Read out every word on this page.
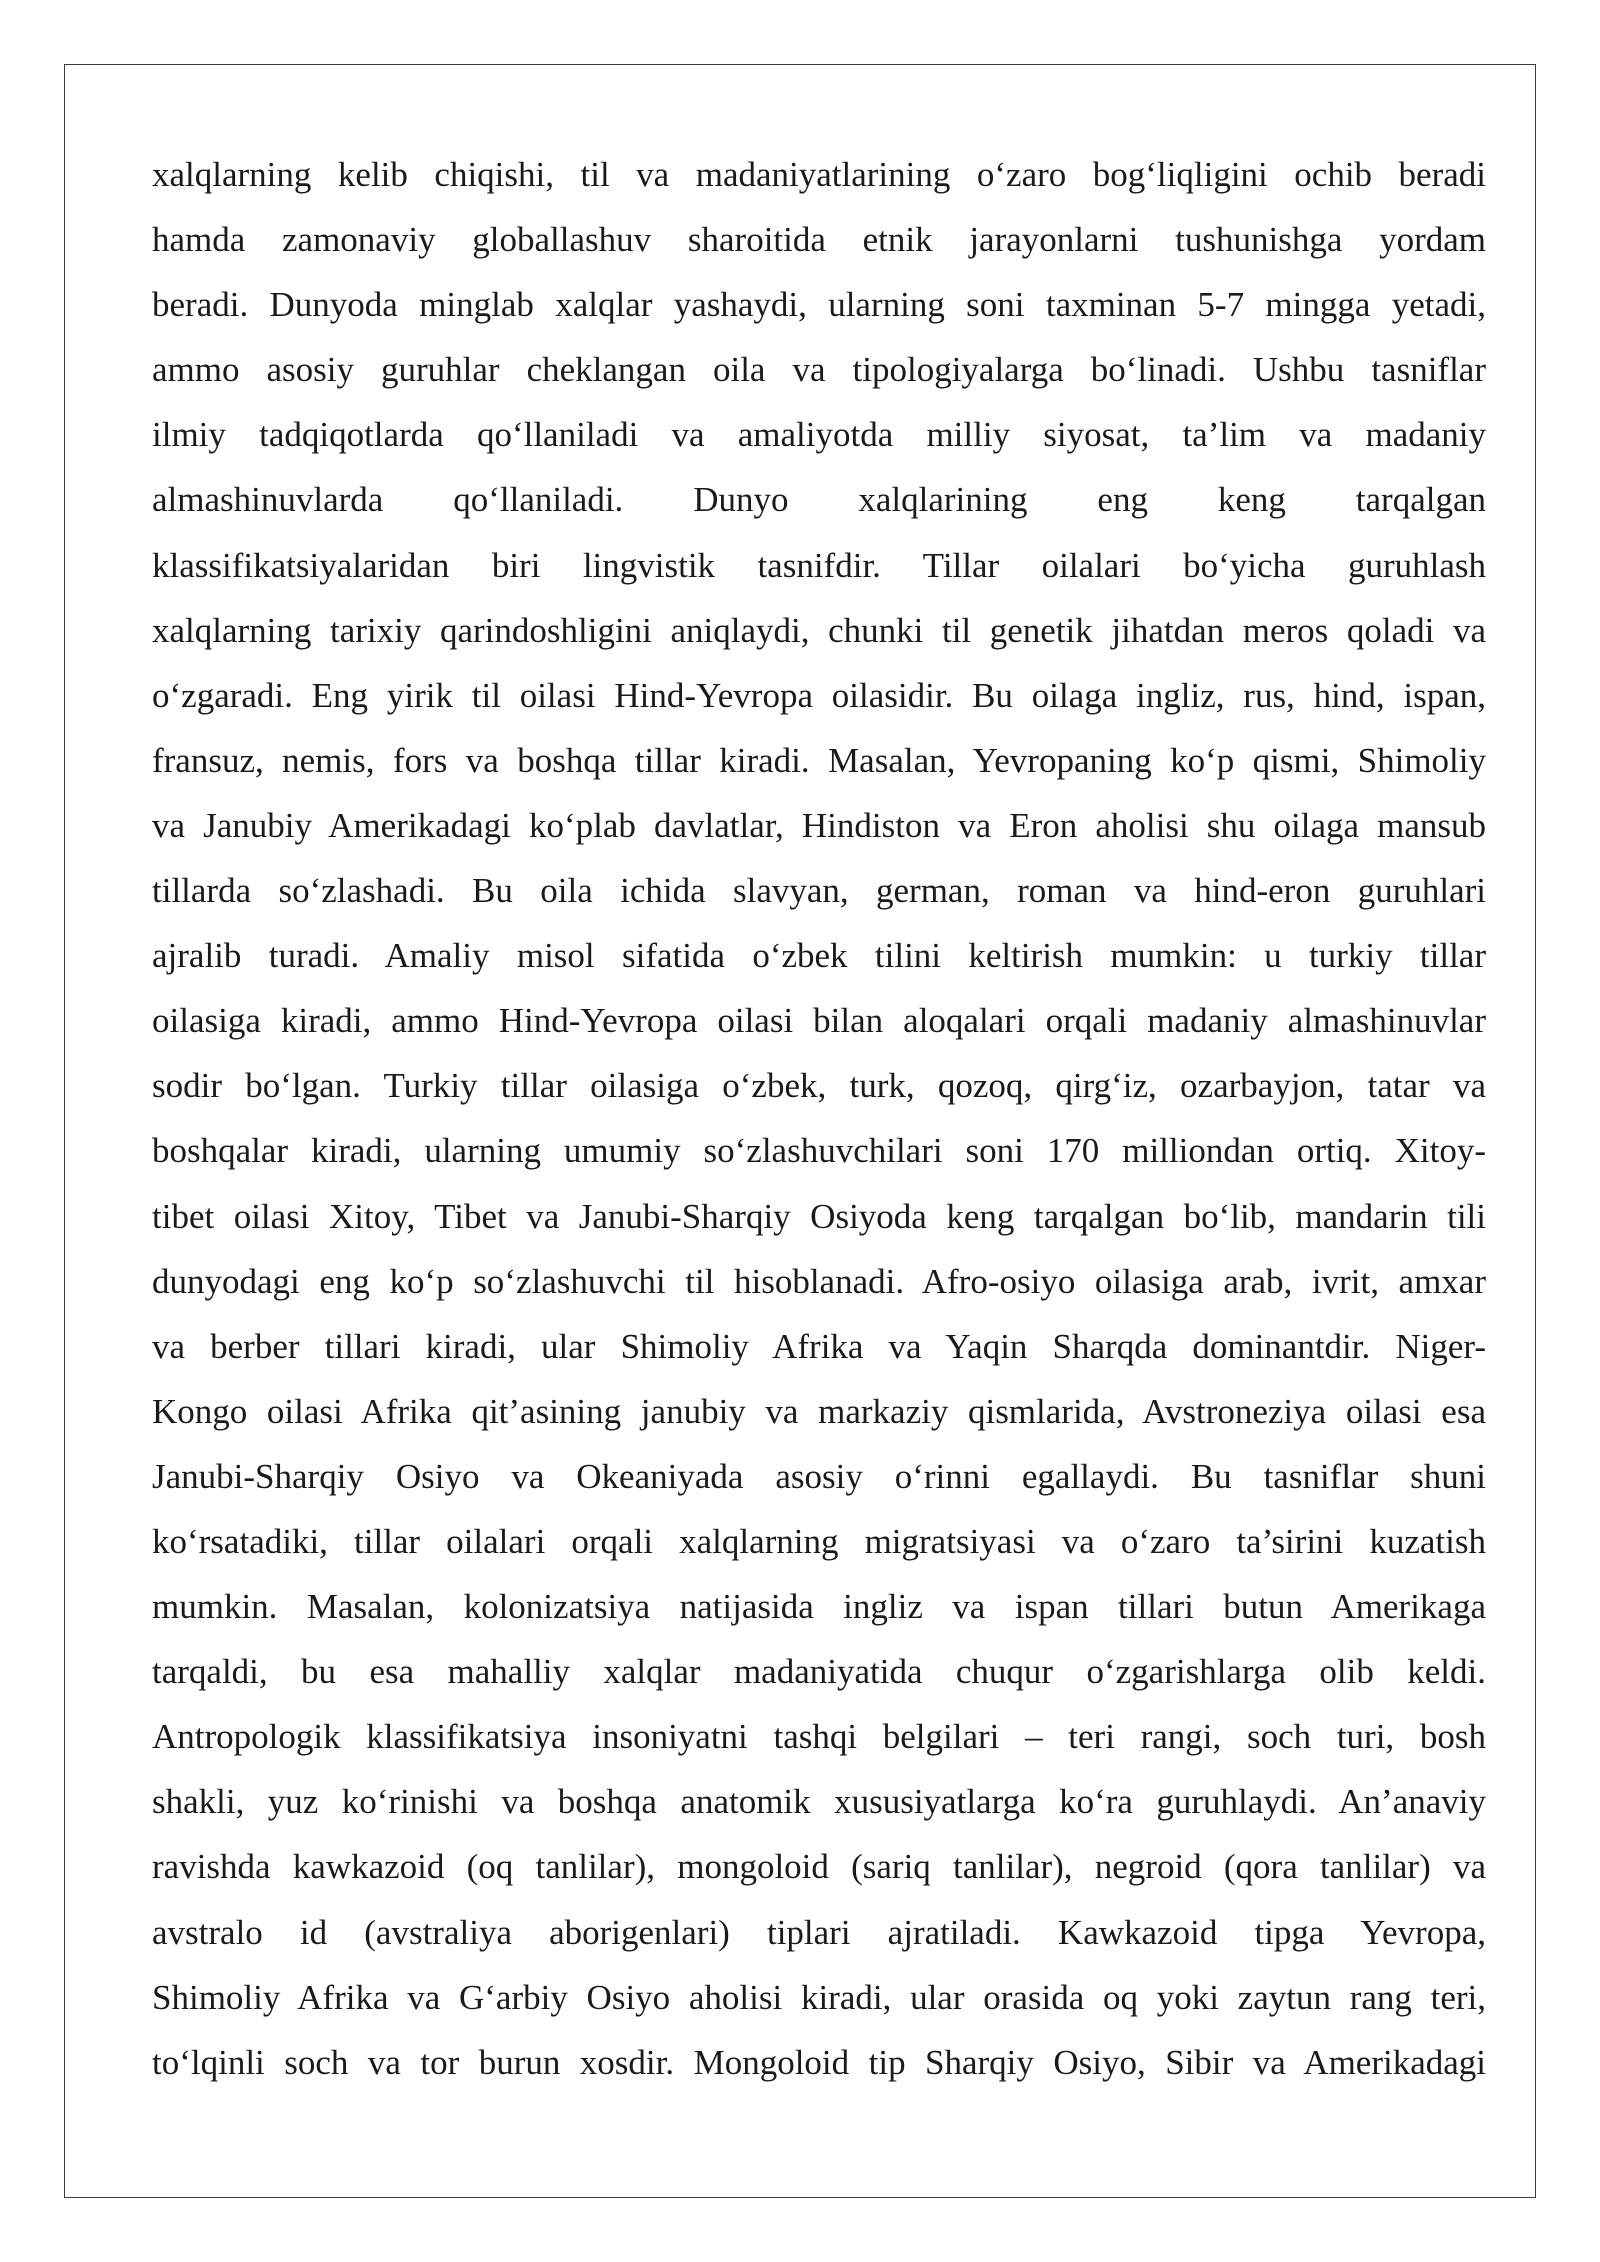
xalqlarning kelib chiqishi, til va madaniyatlarining o‘zaro bog‘liqligini ochib beradi
hamda zamonaviy globallashuv sharoitida etnik jarayonlarni tushunishga yordam
beradi. Dunyoda minglab xalqlar yashaydi, ularning soni taxminan 5-7 mingga yetadi,
ammo asosiy guruhlar cheklangan oila va tipologiyalarga bo‘linadi. Ushbu tasniflar
ilmiy tadqiqotlarda qo‘llaniladi va amaliyotda milliy siyosat, ta’lim va madaniy
almashinuvlarda qo‘llaniladi. Dunyo xalqlarining eng keng tarqalgan
klassifikatsiyalaridan biri lingvistik tasnifdir. Tillar oilalari bo‘yicha guruhlash
xalqlarning tarixiy qarindoshligini aniqlaydi, chunki til genetik jihatdan meros qoladi va
o‘zgaradi. Eng yirik til oilasi Hind-Yevropa oilasidir. Bu oilaga ingliz, rus, hind, ispan,
fransuz, nemis, fors va boshqa tillar kiradi. Masalan, Yevropaning ko‘p qismi, Shimoliy
va Janubiy Amerikadagi ko‘plab davlatlar, Hindiston va Eron aholisi shu oilaga mansub
tillarda so‘zlashadi. Bu oila ichida slavyan, german, roman va hind-eron guruhlari
ajralib turadi. Amaliy misol sifatida o‘zbek tilini keltirish mumkin: u turkiy tillar
oilasiga kiradi, ammo Hind-Yevropa oilasi bilan aloqalari orqali madaniy almashinuvlar
sodir bo‘lgan. Turkiy tillar oilasiga o‘zbek, turk, qozoq, qirg‘iz, ozarbayjon, tatar va
boshqalar kiradi, ularning umumiy so‘zlashuvchilari soni 170 milliondan ortiq. Xitoy-
tibet oilasi Xitoy, Tibet va Janubi-Sharqiy Osiyoda keng tarqalgan bo‘lib, mandarin tili
dunyodagi eng ko‘p so‘zlashuvchi til hisoblanadi. Afro-osiyo oilasiga arab, ivrit, amxar
va berber tillari kiradi, ular Shimoliy Afrika va Yaqin Sharqda dominantdir. Niger-
Kongo oilasi Afrika qit’asining janubiy va markaziy qismlarida, Avstroneziya oilasi esa
Janubi-Sharqiy Osiyo va Okeaniyada asosiy o‘rinni egallaydi. Bu tasniflar shuni
ko‘rsatadiki, tillar oilalari orqali xalqlarning migratsiyasi va o‘zaro ta’sirini kuzatish
mumkin. Masalan, kolonizatsiya natijasida ingliz va ispan tillari butun Amerikaga
tarqaldi, bu esa mahalliy xalqlar madaniyatida chuqur o‘zgarishlarga olib keldi.
Antropologik klassifikatsiya insoniyatni tashqi belgilari – teri rangi, soch turi, bosh
shakli, yuz ko‘rinishi va boshqa anatomik xususiyatlarga ko‘ra guruhlaydi. An’anaviy
ravishda kawkazoid (oq tanlilar), mongoloid (sariq tanlilar), negroid (qora tanlilar) va
avstralo id (avstraliya aborigenlari) tiplari ajratiladi. Kawkazoid tipga Yevropa,
Shimoliy Afrika va G‘arbiy Osiyo aholisi kiradi, ular orasida oq yoki zaytun rang teri,
to‘lqinli soch va tor burun xosdir. Mongoloid tip Sharqiy Osiyo, Sibir va Amerikadagi
